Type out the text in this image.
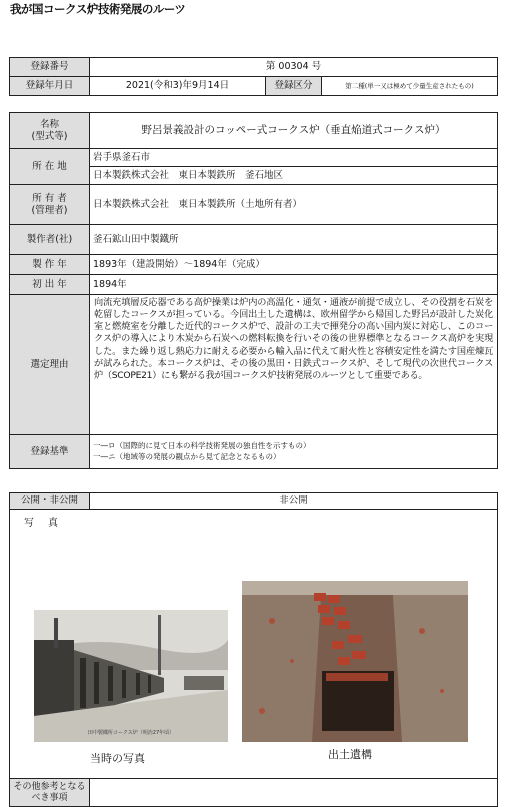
我が国コークス炉技術発展のルーツ
登録番号	第 00304 号		
登録年月日	2021(令和3)年9月14日	登録区分	第二種(単一又は極めて少量生産されたもの)
名称
(型式等)	野呂景義設計のコッペー式コークス炉（垂直焔道式コークス炉）
所 在 地	岩手県釜石市
	日本製鉄株式会社　東日本製鉄所　釜石地区
所 有 者
(管理者)	日本製鉄株式会社　東日本製鉄所（土地所有者）
製作者(社)	釜石鉱山田中製鐵所
製 作 年	1893年（建設開始）～1894年（完成）
初 出 年	1894年
選定理由	向流充填層反応器である高炉操業は炉内の高温化・通気・通液が前提で成立し、その役割を石炭を乾留したコークスが担っている。今回出土した遺構は、欧州留学から帰国した野呂が設計した炭化室と燃焼室を分離した近代的コークス炉で、設計の工夫で揮発分の高い国内炭に対応し、このコークス炉の導入により木炭から石炭への燃料転換を行いその後の世界標準となるコークス高炉を実現した。また繰り返し熱応力に耐える必要から輸入品に代えて耐火性と容積安定性を満たす国産煉瓦が試みられた。本コークス炉は、その後の黒田・日鉄式コークス炉、そして現代の次世代コークス炉（SCOPE21）にも繋がる我が国コークス炉技術発展のルーツとして重要である。
登録基準	一―ロ（国際的に見て日本の科学技術発展の独自性を示すもの）
一―ニ（地域等の発展の観点から見て記念となるもの）
公開・非公開	非公開

写真
田中製鐵所コークス炉（明治27年頃）
当時の写真 出土遺構	

その他参考となるべき事項	
